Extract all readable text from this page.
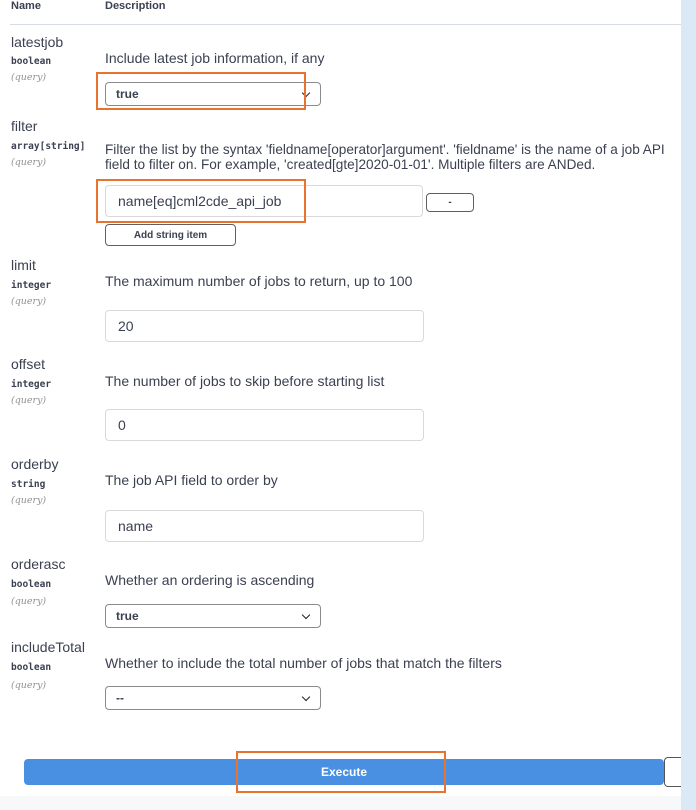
Name	Description
latestjob
boolean
(query)
Include latest job information, if any
true
filter
array[string]
(query)
Filter the list by the syntax 'fieldname[operator]argument'. 'fieldname' is the name of a job API field to filter on. For example, 'created[gte]2020-01-01'. Multiple filters are ANDed.
name[eq]cml2cde_api_job	-
Add string item
limit
integer
(query)
The maximum number of jobs to return, up to 100
20
offset
integer
(query)
The number of jobs to skip before starting list
0
orderby
string
(query)
The job API field to order by
name
orderasc
boolean
(query)
Whether an ordering is ascending
true
includeTotal
boolean
(query)
Whether to include the total number of jobs that match the filters
--
Execute
